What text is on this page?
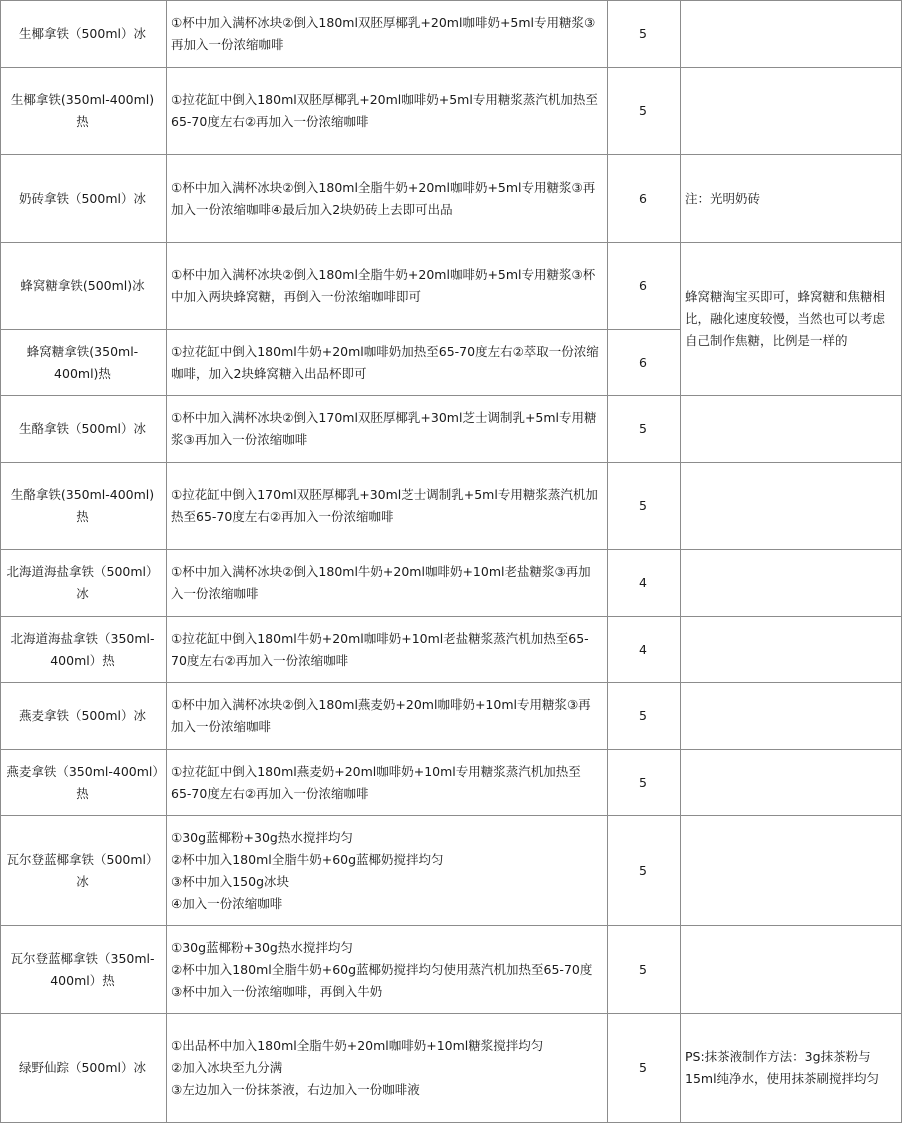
生椰拿铁（500ml）冰	①杯中加入满杯冰块②倒入180ml双胚厚椰乳+20ml咖啡奶+5ml专用糖浆③再加入一份浓缩咖啡	5	
生椰拿铁(350ml-400ml)热	①拉花缸中倒入180ml双胚厚椰乳+20ml咖啡奶+5ml专用糖浆蒸汽机加热至65-70度左右②再加入一份浓缩咖啡	5	
奶砖拿铁（500ml）冰	①杯中加入满杯冰块②倒入180ml全脂牛奶+20ml咖啡奶+5ml专用糖浆③再加入一份浓缩咖啡④最后加入2块奶砖上去即可出品	6	注：光明奶砖
蜂窝糖拿铁(500ml)冰	①杯中加入满杯冰块②倒入180ml全脂牛奶+20ml咖啡奶+5ml专用糖浆③杯中加入两块蜂窝糖，再倒入一份浓缩咖啡即可	6	蜂窝糖淘宝买即可，蜂窝糖和焦糖相比，融化速度较慢，当然也可以考虑自己制作焦糖，比例是一样的
蜂窝糖拿铁(350ml-400ml)热	①拉花缸中倒入180ml牛奶+20ml咖啡奶加热至65-70度左右②萃取一份浓缩咖啡，加入2块蜂窝糖入出品杯即可	6	
生酪拿铁（500ml）冰	①杯中加入满杯冰块②倒入170ml双胚厚椰乳+30ml芝士调制乳+5ml专用糖浆③再加入一份浓缩咖啡	5	
生酪拿铁(350ml-400ml)热	①拉花缸中倒入170ml双胚厚椰乳+30ml芝士调制乳+5ml专用糖浆蒸汽机加热至65-70度左右②再加入一份浓缩咖啡	5	
北海道海盐拿铁（500ml）冰	①杯中加入满杯冰块②倒入180ml牛奶+20ml咖啡奶+10ml老盐糖浆③再加入一份浓缩咖啡	4	
北海道海盐拿铁（350ml-400ml）热	①拉花缸中倒入180ml牛奶+20ml咖啡奶+10ml老盐糖浆蒸汽机加热至65-70度左右②再加入一份浓缩咖啡	4	
燕麦拿铁（500ml）冰	①杯中加入满杯冰块②倒入180ml燕麦奶+20ml咖啡奶+10ml专用糖浆③再加入一份浓缩咖啡	5	
燕麦拿铁（350ml-400ml）热	①拉花缸中倒入180ml燕麦奶+20ml咖啡奶+10ml专用糖浆蒸汽机加热至65-70度左右②再加入一份浓缩咖啡	5	
瓦尔登蓝椰拿铁（500ml）冰	①30g蓝椰粉+30g热水搅拌均匀
②杯中加入180ml全脂牛奶+60g蓝椰奶搅拌均匀
③杯中加入150g冰块
④加入一份浓缩咖啡	5	
瓦尔登蓝椰拿铁（350ml-400ml）热	①30g蓝椰粉+30g热水搅拌均匀
②杯中加入180ml全脂牛奶+60g蓝椰奶搅拌均匀使用蒸汽机加热至65-70度
③杯中加入一份浓缩咖啡，再倒入牛奶	5	
绿野仙踪（500ml）冰	①出品杯中加入180ml全脂牛奶+20ml咖啡奶+10ml糖浆搅拌均匀
②加入冰块至九分满
③左边加入一份抹茶液，右边加入一份咖啡液	5	PS:抹茶液制作方法：3g抹茶粉与15ml纯净水，使用抹茶刷搅拌均匀
